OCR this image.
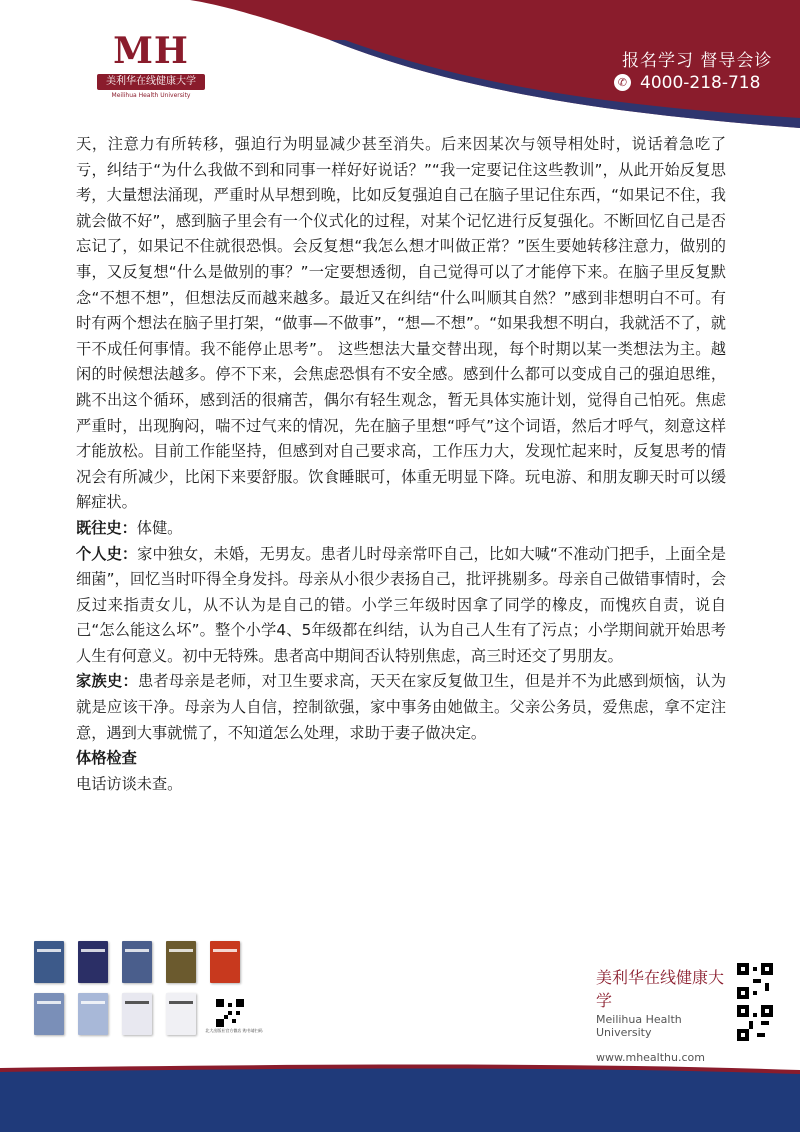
MH
美利华在线健康大学
Meilihua Health University
报名学习 督导会诊
✆ 4000-218-718

天，注意力有所转移，强迫行为明显减少甚至消失。后来因某次与领导相处时，说话着急吃了亏，纠结于“为什么我做不到和同事一样好好说话？”“我一定要记住这些教训”，从此开始反复思考，大量想法涌现，严重时从早想到晚，比如反复强迫自己在脑子里记住东西，“如果记不住，我就会做不好”，感到脑子里会有一个仪式化的过程，对某个记忆进行反复强化。不断回忆自己是否忘记了，如果记不住就很恐惧。会反复想“我怎么想才叫做正常？”医生要她转移注意力，做别的事，又反复想“什么是做别的事？”一定要想透彻，自己觉得可以了才能停下来。在脑子里反复默念“不想不想”，但想法反而越来越多。最近又在纠结“什么叫顺其自然？”感到非想明白不可。有时有两个想法在脑子里打架，“做事—不做事”，“想—不想”。“如果我想不明白，我就活不了，就干不成任何事情。我不能停止思考”。 这些想法大量交替出现，每个时期以某一类想法为主。越闲的时候想法越多。停不下来，会焦虑恐惧有不安全感。感到什么都可以变成自己的强迫思维，跳不出这个循环，感到活的很痛苦，偶尔有轻生观念，暂无具体实施计划，觉得自己怕死。焦虑严重时，出现胸闷，喘不过气来的情况，先在脑子里想“呼气”这个词语，然后才呼气，刻意这样才能放松。目前工作能坚持，但感到对自己要求高，工作压力大，发现忙起来时，反复思考的情况会有所减少，比闲下来要舒服。饮食睡眠可，体重无明显下降。玩电游、和朋友聊天时可以缓解症状。

既往史：体健。

个人史：家中独女，未婚，无男友。患者儿时母亲常吓自己，比如大喊“不准动门把手，上面全是细菌”，回忆当时吓得全身发抖。母亲从小很少表扬自己，批评挑剔多。母亲自己做错事情时，会反过来指责女儿，从不认为是自己的错。小学三年级时因拿了同学的橡皮，而愧疚自责，说自己“怎么能这么坏”。整个小学4、5年级都在纠结，认为自己人生有了污点；小学期间就开始思考人生有何意义。初中无特殊。患者高中期间否认特别焦虑，高三时还交了男朋友。

家族史：患者母亲是老师，对卫生要求高，天天在家反复做卫生，但是并不为此感到烦恼，认为就是应该干净。母亲为人自信，控制欲强，家中事务由她做主。父亲公务员，爱焦虑，拿不定注意，遇到大事就慌了，不知道怎么处理，求助于妻子做决定。

体格检查

电话访谈未查。

北大出版社官方微店 购书请扫码
美利华在线健康大学
Meilihua Health University
www.mhealthu.com
